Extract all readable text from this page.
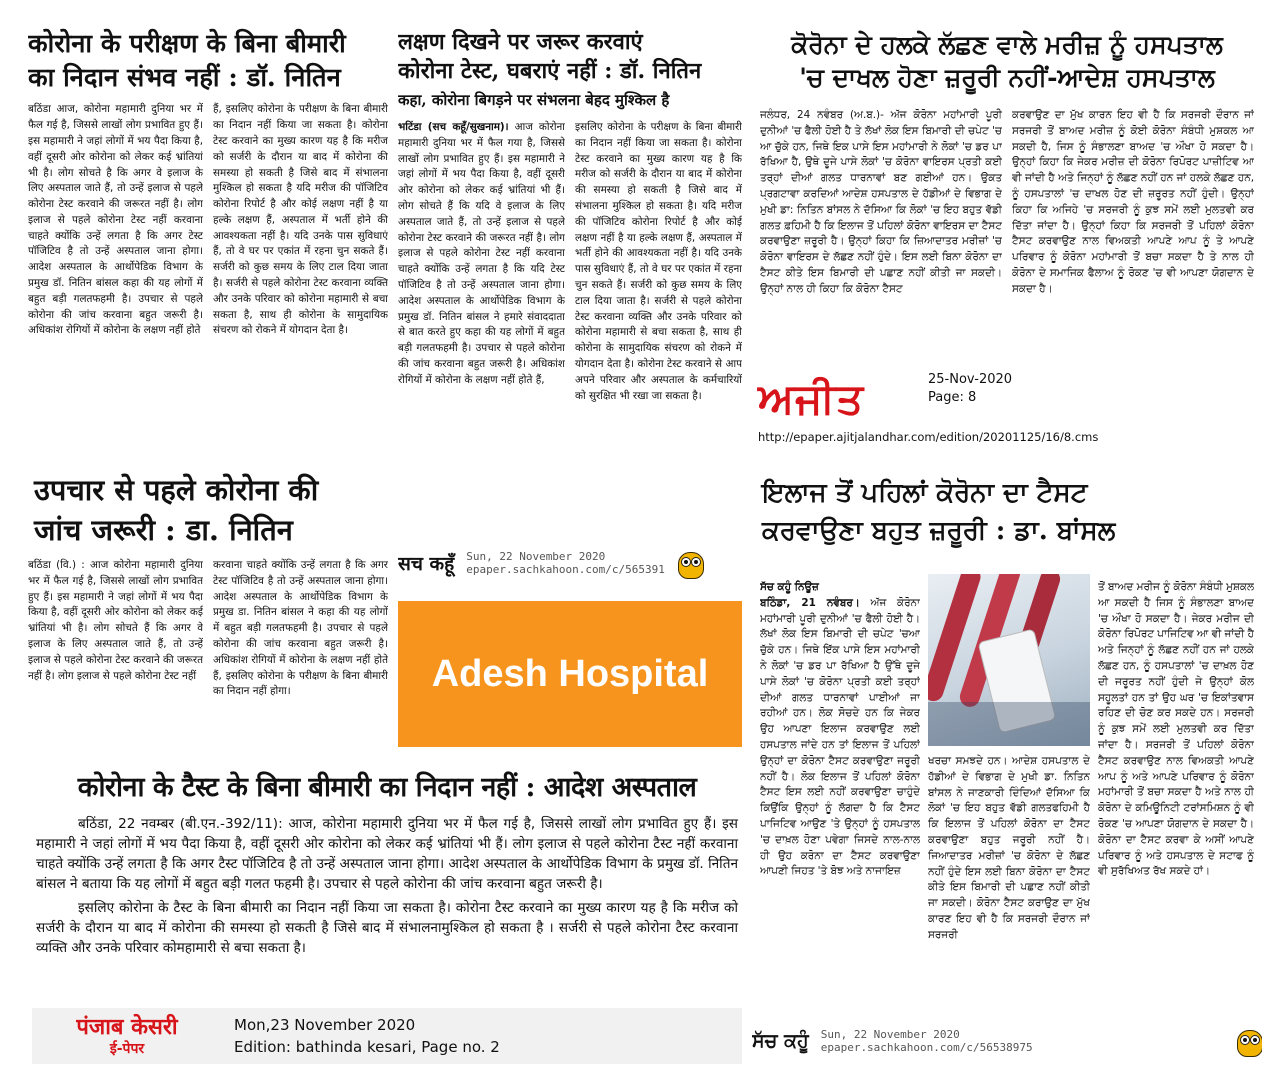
कोरोना के परीक्षण के बिना बीमारी
का निदान संभव नहीं : डॉ. नितिन
बठिंडा आज, कोरोना महामारी दुनिया भर में फैल गई है, जिससे लाखों लोग प्रभावित हुए हैं। इस महामारी ने जहां लोगों में भय पैदा किया है, वहीं दूसरी ओर कोरोना को लेकर कई भ्रांतियां भी है। लोग सोचते है कि अगर वे इलाज के लिए अस्पताल जाते हैं, तो उन्हें इलाज से पहले कोरोना टेस्ट करवाने की जरूरत नहीं है। लोग इलाज से पहले कोरोना टेस्ट नहीं करवाना चाहते क्योंकि उन्हें लगता है कि अगर टेस्ट पॉजिटिव है तो उन्हें अस्पताल जाना होगा। आदेश अस्पताल के आर्थोपेडिक विभाग के प्रमुख डॉ. नितिन बांसल कहा की यह लोगों में बहुत बड़ी गलतफहमी है। उपचार से पहले कोरोना की जांच करवाना बहुत जरूरी है। अधिकांश रोगियों में कोरोना के लक्षण नहीं होते
हैं, इसलिए कोरोना के परीक्षण के बिना बीमारी का निदान नहीं किया जा सकता है। कोरोना टेस्ट करवाने का मुख्य कारण यह है कि मरीज को सर्जरी के दौरान या बाद में कोरोना की समस्या हो सकती है जिसे बाद में संभालना मुश्किल हो सकता है यदि मरीज की पॉजिटिव कोरोना रिपोर्ट है और कोई लक्षण नहीं है या हल्के लक्षण हैं, अस्पताल में भर्ती होने की आवश्यकता नहीं है। यदि उनके पास सुविधाएं हैं, तो वे घर पर एकांत में रहना चुन सकते हैं। सर्जरी को कुछ समय के लिए टाल दिया जाता है। सर्जरी से पहले कोरोना टेस्ट करवाना व्यक्ति और उनके परिवार को कोरोना महामारी से बचा सकता है, साथ ही कोरोना के सामुदायिक संचरण को रोकने में योगदान देता है।
लक्षण दिखने पर जरूर करवाएं
कोरोना टेस्ट, घबराएं नहीं : डॉ. नितिन
कहा, कोरोना बिगड़ने पर संभलना बेहद मुश्किल है
भटिंडा (सच कहूँ/सुखनाम)। आज कोरोना महामारी दुनिया भर में फैल गया है, जिससे लाखों लोग प्रभावित हुए हैं। इस महामारी ने जहां लोगों में भय पैदा किया है, वहीं दूसरी ओर कोरोना को लेकर कई भ्रांतियां भी हैं। लोग सोचते हैं कि यदि वे इलाज के लिए अस्पताल जाते हैं, तो उन्हें इलाज से पहले कोरोना टेस्ट करवाने की जरूरत नहीं है। लोग इलाज से पहले कोरोना टेस्ट नहीं करवाना चाहते क्योंकि उन्हें लगता है कि यदि टेस्ट पॉजिटिव है तो उन्हें अस्पताल जाना होगा। आदेश अस्पताल के आर्थोपेडिक विभाग के प्रमुख डॉ. नितिन बांसल ने हमारे संवाददाता से बात करते हुए कहा की यह लोगों में बहुत बड़ी गलतफहमी है। उपचार से पहले कोरोना की जांच करवाना बहुत जरूरी है। अधिकांश रोगियों में कोरोना के लक्षण नहीं होते हैं,
इसलिए कोरोना के परीक्षण के बिना बीमारी का निदान नहीं किया जा सकता है। कोरोना टेस्ट करवाने का मुख्य कारण यह है कि मरीज को सर्जरी के दौरान या बाद में कोरोना की समस्या हो सकती है जिसे बाद में संभालना मुश्किल हो सकता है। यदि मरीज की पॉजिटिव कोरोना रिपोर्ट है और कोई लक्षण नहीं है या हल्के लक्षण हैं, अस्पताल में भर्ती होने की आवश्यकता नहीं है। यदि उनके पास सुविधाएं हैं, तो वे घर पर एकांत में रहना चुन सकते हैं। सर्जरी को कुछ समय के लिए टाल दिया जाता है। सर्जरी से पहले कोरोना टेस्ट करवाना व्यक्ति और उनके परिवार को कोरोना महामारी से बचा सकता है, साथ ही कोरोना के सामुदायिक संचरण को रोकने में योगदान देता है। कोरोना टेस्ट करवाने से आप अपने परिवार और अस्पताल के कर्मचारियों को सुरक्षित भी रखा जा सकता है।
सच कहूँ Sun, 22 November 2020
epaper.sachkahoon.com/c/565391
ਕੋਰੋਨਾ ਦੇ ਹਲਕੇ ਲੱਛਣ ਵਾਲੇ ਮਰੀਜ਼ ਨੂੰ ਹਸਪਤਾਲ
'ਚ ਦਾਖਲ ਹੋਣਾ ਜ਼ਰੂਰੀ ਨਹੀਂ-ਆਦੇਸ਼ ਹਸਪਤਾਲ
ਜਲੰਧਰ, 24 ਨਵੰਬਰ (ਅ.ਬ.)- ਅੱਜ ਕੋਰੋਨਾ ਮਹਾਂਮਾਰੀ ਪੂਰੀ ਦੁਨੀਆਂ 'ਚ ਫੈਲੀ ਹੋਈ ਹੈ ਤੇ ਲੱਖਾਂ ਲੋਕ ਇਸ ਬਿਮਾਰੀ ਦੀ ਚਪੇਟ 'ਚ ਆ ਚੁੱਕੇ ਹਨ, ਜਿਥੇ ਇਕ ਪਾਸੇ ਇਸ ਮਹਾਂਮਾਰੀ ਨੇ ਲੋਕਾਂ 'ਚ ਡਰ ਪਾ ਰੱਖਿਆ ਹੈ, ਉਥੇ ਦੂਜੇ ਪਾਸੇ ਲੋਕਾਂ 'ਚ ਕੋਰੋਨਾ ਵਾਇਰਸ ਪ੍ਰਤੀ ਕਈ ਤਰ੍ਹਾਂ ਦੀਆਂ ਗਲਤ ਧਾਰਨਾਵਾਂ ਬਣ ਗਈਆਂ ਹਨ। ਉਕਤ ਪ੍ਰਗਟਾਵਾ ਕਰਦਿਆਂ ਆਦੇਸ਼ ਹਸਪਤਾਲ ਦੇ ਹੱਡੀਆਂ ਦੇ ਵਿਭਾਗ ਦੇ ਮੁਖੀ ਡਾ: ਨਿਤਿਨ ਬਾਂਸਲ ਨੇ ਦੱਸਿਆ ਕਿ ਲੋਕਾਂ 'ਚ ਇਹ ਬਹੁਤ ਵੱਡੀ ਗਲਤ ਫ਼ਹਿਮੀ ਹੈ ਕਿ ਇਲਾਜ ਤੋਂ ਪਹਿਲਾਂ ਕੋਰੋਨਾ ਵਾਇਰਸ ਦਾ ਟੈਸਟ ਕਰਵਾਉਣਾ ਜ਼ਰੂਰੀ ਹੈ। ਉਨ੍ਹਾਂ ਕਿਹਾ ਕਿ ਜ਼ਿਆਦਾਤਰ ਮਰੀਜ਼ਾਂ 'ਚ ਕੋਰੋਨਾ ਵਾਇਰਸ ਦੇ ਲੱਛਣ ਨਹੀਂ ਹੁੰਦੇ। ਇਸ ਲਈ ਬਿਨਾ ਕੋਰੋਨਾ ਦਾ ਟੈਸਟ ਕੀਤੇ ਇਸ ਬਿਮਾਰੀ ਦੀ ਪਛਾਣ ਨਹੀਂ ਕੀਤੀ ਜਾ ਸਕਦੀ। ਉਨ੍ਹਾਂ ਨਾਲ ਹੀ ਕਿਹਾ ਕਿ ਕੋਰੋਨਾ ਟੈਸਟ
ਕਰਵਾਉਣ ਦਾ ਮੁੱਖ ਕਾਰਨ ਇਹ ਵੀ ਹੈ ਕਿ ਸਰਜਰੀ ਦੌਰਾਨ ਜਾਂ ਸਰਜਰੀ ਤੋਂ ਬਾਅਦ ਮਰੀਜ਼ ਨੂੰ ਕੋਈ ਕੋਰੋਨਾ ਸੰਬੰਧੀ ਮੁਸ਼ਕਲ ਆ ਸਕਦੀ ਹੈ, ਜਿਸ ਨੂੰ ਸੰਭਾਲਣਾ ਬਾਅਦ 'ਚ ਔਖਾ ਹੋ ਸਕਦਾ ਹੈ। ਉਨ੍ਹਾਂ ਕਿਹਾ ਕਿ ਜੇਕਰ ਮਰੀਜ਼ ਦੀ ਕੋਰੋਨਾ ਰਿਪੋਰਟ ਪਾਜ਼ੀਟਿਵ ਆ ਵੀ ਜਾਂਦੀ ਹੈ ਅਤੇ ਜਿਨ੍ਹਾਂ ਨੂੰ ਲੱਛਣ ਨਹੀਂ ਹਨ ਜਾਂ ਹਲਕੇ ਲੱਛਣ ਹਨ, ਨੂੰ ਹਸਪਤਾਲਾਂ 'ਚ ਦਾਖਲ ਹੋਣ ਦੀ ਜ਼ਰੂਰਤ ਨਹੀਂ ਹੁੰਦੀ। ਉਨ੍ਹਾਂ ਕਿਹਾ ਕਿ ਅਜਿਹੇ 'ਚ ਸਰਜਰੀ ਨੂੰ ਕੁਝ ਸਮੇਂ ਲਈ ਮੁਲਤਵੀ ਕਰ ਦਿੱਤਾ ਜਾਂਦਾ ਹੈ। ਉਨ੍ਹਾਂ ਕਿਹਾ ਕਿ ਸਰਜਰੀ ਤੋਂ ਪਹਿਲਾਂ ਕੋਰੋਨਾ ਟੈਸਟ ਕਰਵਾਉਣ ਨਾਲ ਵਿਅਕਤੀ ਆਪਣੇ ਆਪ ਨੂੰ ਤੇ ਆਪਣੇ ਪਰਿਵਾਰ ਨੂੰ ਕੋਰੋਨਾ ਮਹਾਂਮਾਰੀ ਤੋਂ ਬਚਾ ਸਕਦਾ ਹੈ ਤੇ ਨਾਲ ਹੀ ਕੋਰੋਨਾ ਦੇ ਸਮਾਜਿਕ ਫੈਲਾਅ ਨੂੰ ਰੋਕਣ 'ਚ ਵੀ ਆਪਣਾ ਯੋਗਦਾਨ ਦੇ ਸਕਦਾ ਹੈ।
ਅਜੀਤ	25-Nov-2020
Page: 8
http://epaper.ajitjalandhar.com/edition/20201125/16/8.cms
उपचार से पहले कोरोना की
जांच जरूरी : डा. नितिन
बठिंडा (वि.) : आज कोरोना महामारी दुनिया भर में फैल गई है, जिससे लाखों लोग प्रभावित हुए हैं। इस महामारी ने जहां लोगों में भय पैदा किया है, वहीं दूसरी ओर कोरोना को लेकर कई भ्रांतियां भी है। लोग सोचते हैं कि अगर वे इलाज के लिए अस्पताल जाते हैं, तो उन्हें इलाज से पहले कोरोना टेस्ट करवाने की जरूरत नहीं है। लोग इलाज से पहले कोरोना टेस्ट नहीं
करवाना चाहते क्योंकि उन्हें लगता है कि अगर टेस्ट पॉजिटिव है तो उन्हें अस्पताल जाना होगा। आदेश अस्पताल के आर्थोपेडिक विभाग के प्रमुख डा. नितिन बांसल ने कहा की यह लोगों में बहुत बड़ी गलतफहमी है। उपचार से पहले कोरोना की जांच करवाना बहुत जरूरी है। अधिकांश रोगियों में कोरोना के लक्षण नहीं होते हैं, इसलिए कोरोना के परीक्षण के बिना बीमारी का निदान नहीं होगा।	Adesh Hospital
कोरोना के टैस्ट के बिना बीमारी का निदान नहीं : आदेश अस्पताल

बठिंडा, 22 नवम्बर (बी.एन.-392/11): आज, कोरोना महामारी दुनिया भर में फैल गई है, जिससे लाखों लोग प्रभावित हुए हैं। इस महामारी ने जहां लोगों में भय पैदा किया है, वहीं दूसरी ओर कोरोना को लेकर कई भ्रांतियां भी हैं। लोग इलाज से पहले कोरोना टैस्ट नहीं करवाना चाहते क्योंकि उन्हें लगता है कि अगर टैस्ट पॉजिटिव है तो उन्हें अस्पताल जाना होगा। आदेश अस्पताल के आर्थोपेडिक विभाग के प्रमुख डॉ. नितिन बांसल ने बताया कि यह लोगों में बहुत बड़ी गलत फहमी है। उपचार से पहले कोरोना की जांच करवाना बहुत जरूरी है।

इसलिए कोरोना के टैस्ट के बिना बीमारी का निदान नहीं किया जा सकता है। कोरोना टैस्ट करवाने का मुख्य कारण यह है कि मरीज को सर्जरी के दौरान या बाद में कोरोना की समस्या हो सकती है जिसे बाद में संभालनामुश्किल हो सकता है । सर्जरी से पहले कोरोना टैस्ट करवाना व्यक्ति और उनके परिवार कोमहामारी से बचा सकता है।

पंजाब केसरी
ई-पेपर
Mon,23 November 2020
Edition: bathinda kesari, Page no. 2
ਇਲਾਜ ਤੋਂ ਪਹਿਲਾਂ ਕੋਰੋਨਾ ਦਾ ਟੈਸਟ
ਕਰਵਾਉਣਾ ਬਹੁਤ ਜ਼ਰੂਰੀ : ਡਾ. ਬਾਂਸਲ
ਸੱਚ ਕਹੂੰ ਨਿਊਜ਼
ਬਠਿੰਡਾ, 21 ਨਵੰਬਰ। ਅੱਜ ਕੋਰੋਨਾ ਮਹਾਂਮਾਰੀ ਪੂਰੀ ਦੁਨੀਆਂ 'ਚ ਫੈਲੀ ਹੋਈ ਹੈ। ਲੱਖਾਂ ਲੋਕ ਇਸ ਬਿਮਾਰੀ ਦੀ ਚਪੇਟ 'ਚਆ ਚੁੱਕੇ ਹਨ। ਜਿਥੇ ਇੱਕ ਪਾਸੇ ਇਸ ਮਹਾਂਮਾਰੀ ਨੇ ਲੋਕਾਂ 'ਚ ਡਰ ਪਾ ਰੱਖਿਆ ਹੈ ਉੱਥੇ ਦੂਜੇ ਪਾਸੇ ਲੋਕਾਂ 'ਚ ਕੋਰੋਨਾ ਪ੍ਰਤੀ ਕਈ ਤਰ੍ਹਾਂ ਦੀਆਂ ਗਲਤ ਧਾਰਨਾਵਾਂ ਪਾਈਆਂ ਜਾ ਰਹੀਆਂ ਹਨ। ਲੋਕ ਸੋਚਦੇ ਹਨ ਕਿ ਜੇਕਰ ਉਹ ਆਪਣਾ ਇਲਾਜ ਕਰਵਾਉਣ ਲਈ ਹਸਪਤਾਲ ਜਾਂਦੇ ਹਨ ਤਾਂ ਇਲਾਜ ਤੋਂ ਪਹਿਲਾਂ ਉਨ੍ਹਾਂ ਦਾ ਕੋਰੋਨਾ ਟੈਸਟ ਕਰਵਾਉਣਾ ਜਰੂਰੀ ਨਹੀਂ ਹੈ। ਲੋਕ ਇਲਾਜ ਤੋਂ ਪਹਿਲਾਂ ਕੋਰੋਨਾ ਟੈਸਟ ਇਸ ਲਈ ਨਹੀਂ ਕਰਵਾਉਣਾ ਚਾਹੁੰਦੇ ਕਿਉਂਕਿ ਉਨ੍ਹਾਂ ਨੂੰ ਲੱਗਦਾ ਹੈ ਕਿ ਟੈਸਟ ਪਾਜਿਟਿਵ ਆਉਣ 'ਤੇ ਉਨ੍ਹਾਂ ਨੂੰ ਹਸਪਤਾਲ 'ਚ ਦਾਖ਼ਲ ਹੋਣਾ ਪਵੇਗਾ ਜਿਸਦੇ ਨਾਲ-ਨਾਲ ਹੀ ਉਹ ਕਰੋਨਾ ਦਾ ਟੈਸਟ ਕਰਵਾਉਣਾ ਆਪਣੀ ਜਿਹਤ 'ਤੇ ਬੋਝ ਅਤੇ ਨਾਜਾਇਜ਼
ਖਰਚਾ ਸਮਝਦੇ ਹਨ। ਆਦੇਸ਼ ਹਸਪਤਾਲ ਦੇ ਹੱਡੀਆਂ ਦੇ ਵਿਭਾਗ ਦੇ ਮੁਖੀ ਡਾ. ਨਿਤਿਨ ਬਾਂਸਲ ਨੇ ਜਾਣਕਾਰੀ ਦਿੰਦਿਆਂ ਦੱਸਿਆ ਕਿ ਲੋਕਾਂ 'ਚ ਇਹ ਬਹੁਤ ਵੱਡੀ ਗਲਤਫਹਿਮੀ ਹੈ ਕਿ ਇਲਾਜ ਤੋਂ ਪਹਿਲਾਂ ਕੋਰੋਨਾ ਦਾ ਟੈਸਟ ਕਰਵਾਉਣਾ ਬਹੁਤ ਜਰੂਰੀ ਨਹੀਂ ਹੈ। ਜਿਆਦਾਤਰ ਮਰੀਜ਼ਾਂ 'ਚ ਕੋਰੋਨਾ ਦੇ ਲੱਛਣ ਨਹੀਂ ਹੁੰਦੇ ਇਸ ਲਈ ਬਿਨਾ ਕੋਰੋਨਾ ਦਾ ਟੈਸਟ ਕੀਤੇ ਇਸ ਬਿਮਾਰੀ ਦੀ ਪਛਾਣ ਨਹੀਂ ਕੀਤੀ ਜਾ ਸਕਦੀ। ਕੋਰੋਨਾ ਟੈਸਟ ਕਰਾਉਣ ਦਾ ਮੁੱਖ ਕਾਰਣ ਇਹ ਵੀ ਹੈ ਕਿ ਸਰਜਰੀ ਦੌਰਾਨ ਜਾਂ ਸਰਜਰੀ
ਤੋਂ ਬਾਅਦ ਮਰੀਜ ਨੂੰ ਕੋਰੋਨਾ ਸੰਬੰਧੀ ਮੁਸ਼ਕਲ ਆ ਸਕਦੀ ਹੈ ਜਿਸ ਨੂੰ ਸੰਭਾਲਣਾ ਬਾਅਦ 'ਚ ਔਖਾ ਹੋ ਸਕਦਾ ਹੈ। ਜੇਕਰ ਮਰੀਜ ਦੀ ਕੋਰੋਨਾ ਰਿਪੋਰਟ ਪਾਜਿਟਿਵ ਆ ਵੀ ਜਾਂਦੀ ਹੈ ਅਤੇ ਜਿਨ੍ਹਾਂ ਨੂੰ ਲੱਛਣ ਨਹੀਂ ਹਨ ਜਾਂ ਹਲਕੇ ਲੱਛਣ ਹਨ, ਨੂੰ ਹਸਪਤਾਲਾਂ 'ਚ ਦਾਖ਼ਲ ਹੋਣ ਦੀ ਜਰੂਰਤ ਨਹੀਂ ਹੁੰਦੀ ਜੇ ਉਨ੍ਹਾਂ ਕੋਲ ਸਹੂਲਤਾਂ ਹਨ ਤਾਂ ਉਹ ਘਰ 'ਚ ਇਕਾਂਤਵਾਸ ਰਹਿਣ ਦੀ ਚੋਣ ਕਰ ਸਕਦੇ ਹਨ। ਸਰਜਰੀ ਨੂੰ ਕੁਝ ਸਮੇਂ ਲਈ ਮੁਲਤਵੀ ਕਰ ਦਿੱਤਾ ਜਾਂਦਾ ਹੈ। ਸਰਜਰੀ ਤੋਂ ਪਹਿਲਾਂ ਕੋਰੋਨਾ ਟੈਸਟ ਕਰਵਾਉਣ ਨਾਲ ਵਿਅਕਤੀ ਆਪਣੇ ਆਪ ਨੂੰ ਅਤੇ ਆਪਣੇ ਪਰਿਵਾਰ ਨੂੰ ਕੋਰੋਨਾ ਮਹਾਂਮਾਰੀ ਤੋਂ ਬਚਾ ਸਕਦਾ ਹੈ ਅਤੇ ਨਾਲ ਹੀ ਕੋਰੋਨਾ ਦੇ ਕਮਿਊਨਿਟੀ ਟਰਾਂਸਮਿਸ਼ਨ ਨੂੰ ਵੀ ਰੋਕਣ 'ਚ ਆਪਣਾ ਯੋਗਦਾਨ ਦੇ ਸਕਦਾ ਹੈ। ਕੋਰੋਨਾ ਦਾ ਟੈਸਟ ਕਰਵਾ ਕੇ ਅਸੀਂ ਆਪਣੇ ਪਰਿਵਾਰ ਨੂੰ ਅਤੇ ਹਸਪਤਾਲ ਦੇ ਸਟਾਫ ਨੂੰ ਵੀ ਸੁਰੱਖਿਅਤ ਰੱਖ ਸਕਦੇ ਹਾਂ।
ਸੱਚ ਕਹੂੰ Sun, 22 November 2020
epaper.sachkahoon.com/c/56538975
